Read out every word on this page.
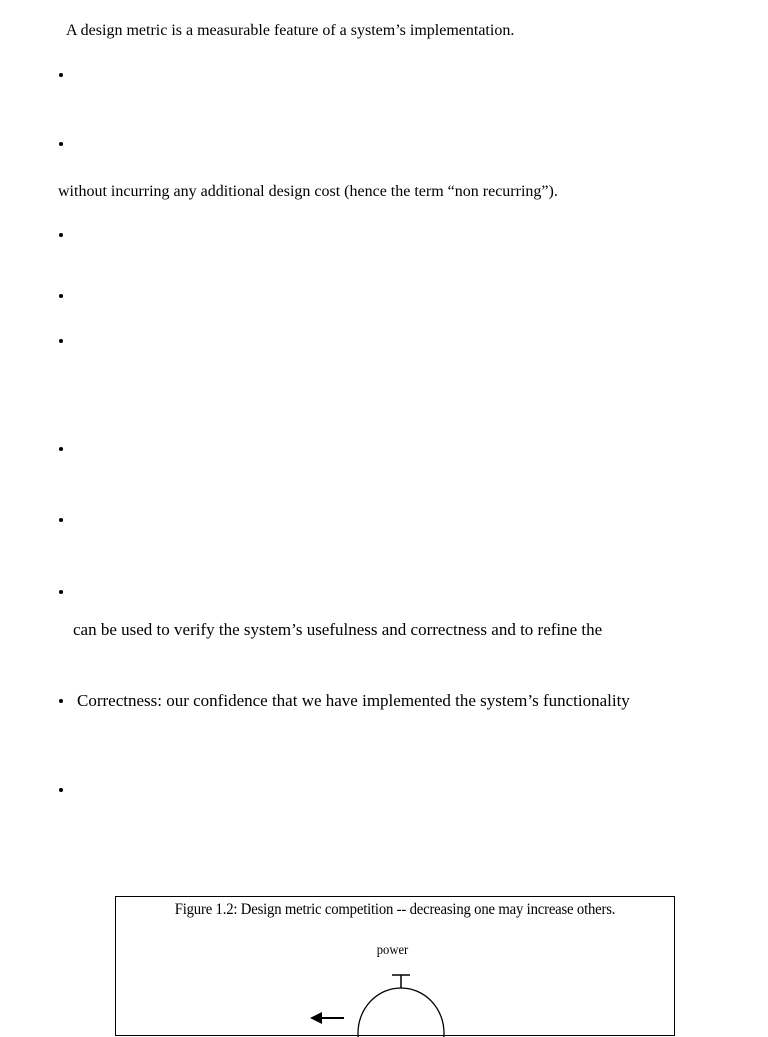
A design metric is a measurable feature of a system’s implementation.
without incurring any additional design cost (hence the term “non recurring”).
can be used to verify the system’s usefulness and correctness and to refine the
Correctness: our confidence that we have implemented the system’s functionality
Figure 1.2: Design metric competition -- decreasing one may increase others.
power
